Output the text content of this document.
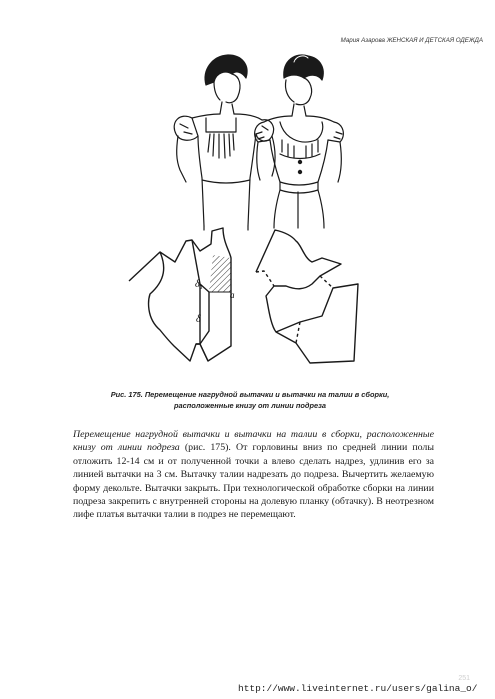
Мария Азарова ЖЕНСКАЯ И ДЕТСКАЯ ОДЕЖДА
$\delta_1$
a
δ
Рис. 175. Перемещение нагрудной вытачки и вытачки на талии в сборки,
расположенные книзу от линии подреза

Перемещение нагрудной вытачки и вытачки на талии в сборки, расположенные книзу от линии подреза (рис. 175). От горловины вниз по средней линии полы отложить 12-14 см и от полученной точки а влево сделать надрез, удлинив его за линией вытачки на 3 см. Вытачку талии надрезать до подреза. Вычертить желаемую форму декольте. Вытачки закрыть. При технологической обработке сборки на линии подреза закрепить с внутренней стороны на долевую планку (обтачку). В неотрезном лифе платья вытачки талии в подрез не перемещают.

251
http://www.liveinternet.ru/users/galina_o/
